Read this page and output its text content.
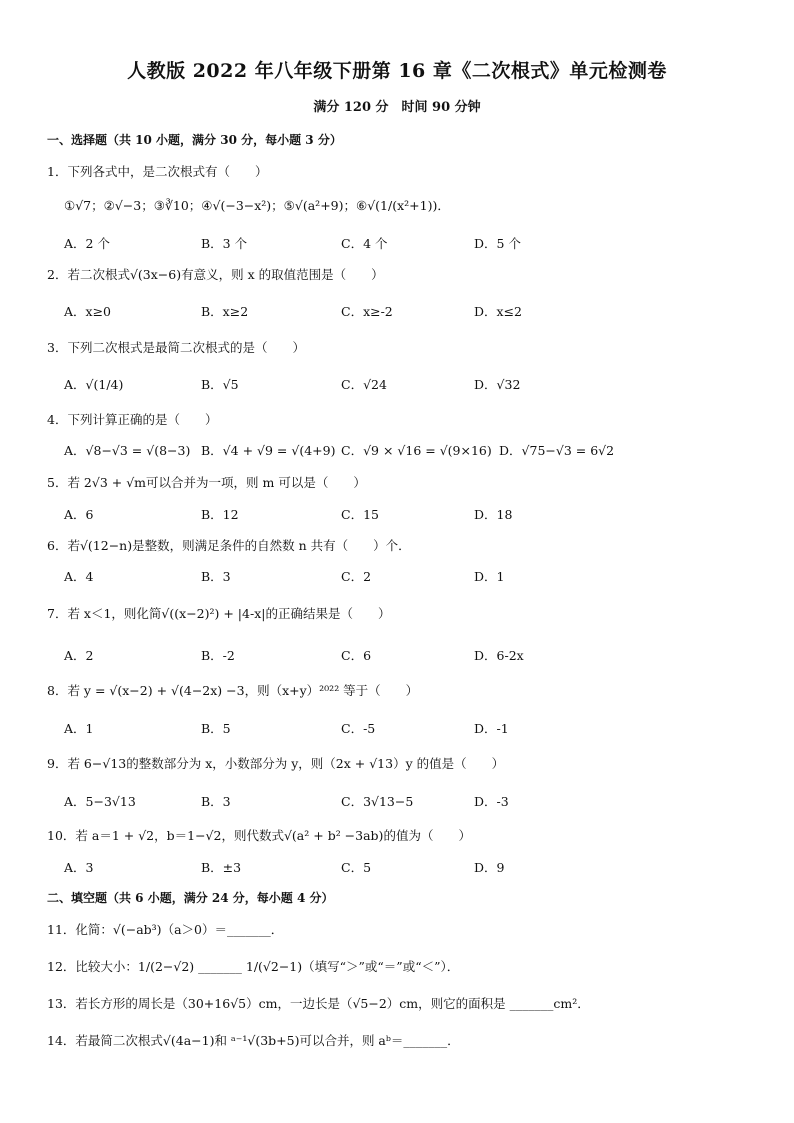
人教版 2022 年八年级下册第 16 章《二次根式》单元检测卷
满分 120 分　时间 90 分钟
一、选择题（共 10 小题，满分 30 分，每小题 3 分）
1．下列各式中，是二次根式有（　　）
①√7；②√−3；③∛10；④√(−3−x²)；⑤√(a²+9)；⑥√(1/(x²+1))．
A．2 个	B．3 个	C．4 个	D．5 个
2．若二次根式√(3x−6)有意义，则 x 的取值范围是（　　）
A．x≥0	B．x≥2	C．x≥-2	D．x≤2
3．下列二次根式是最简二次根式的是（　　）
A．√(1/4)	B．√5	C．√24	D．√32
4．下列计算正确的是（　　）
A．√8−√3 = √(8−3) B．√4 + √9 = √(4+9) C．√9 × √16 = √(9×16) D．√75−√3 = 6√2
5．若 2√3 + √m可以合并为一项，则 m 可以是（　　）
A．6	B．12	C．15	D．18
6．若√(12−n)是整数，则满足条件的自然数 n 共有（　　）个．
A．4	B．3	C．2	D．1
7．若 x＜1，则化简√((x−2)²) + |4-x|的正确结果是（　　）
A．2	B．-2	C．6	D．6-2x
8．若 y = √(x−2) + √(4−2x) −3，则（x+y）²⁰²² 等于（　　）
A．1	B．5	C．-5	D．-1
9．若 6−√13的整数部分为 x，小数部分为 y，则（2x + √13）y 的值是（　　）
A．5−3√13	B．3	C．3√13−5	D．-3
10．若 a＝1 + √2，b＝1−√2，则代数式√(a² + b² −3ab)的值为（　　）
A．3	B．±3	C．5	D．9
二、填空题（共 6 小题，满分 24 分，每小题 4 分）
11．化简：√(−ab³)（a＞0）＝_______．
12．比较大小：1/(2−√2) _______ 1/(√2−1)（填写“＞”或“＝”或“＜”）．
13．若长方形的周长是（30+16√5）cm，一边长是（√5−2）cm，则它的面积是 _______cm²．
14．若最简二次根式√(4a−1)和 ᵃ⁻¹√(3b+5)可以合并，则 aᵇ＝_______．
